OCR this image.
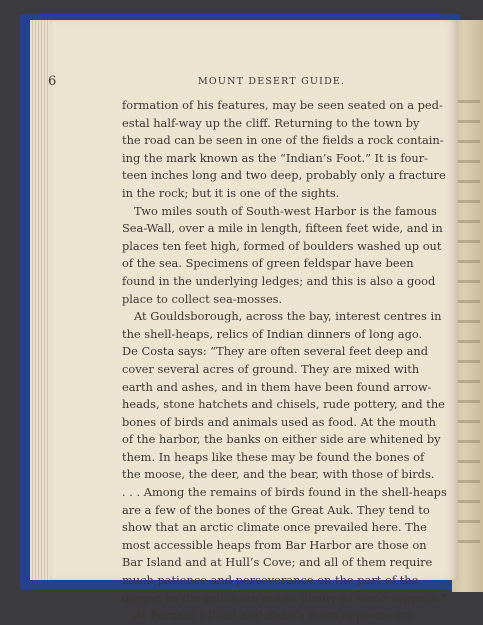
6	MOUNT DESERT GUIDE.

formation of his features, may be seen seated on a ped-
estal half-way up the cliff. Returning to the town by
the road can be seen in one of the fields a rock contain-
ing the mark known as the “Indian’s Foot.” It is four-
teen inches long and two deep, probably only a fracture
in the rock; but it is one of the sights.

Two miles south of South-west Harbor is the famous
Sea-Wall, over a mile in length, fifteen feet wide, and in
places ten feet high, formed of boulders washed up out
of the sea. Specimens of green feldspar have been
found in the underlying ledges; and this is also a good
place to collect sea-mosses.

At Gouldsborough, across the bay, interest centres in
the shell-heaps, relics of Indian dinners of long ago.
De Costa says: “They are often several feet deep and
cover several acres of ground. They are mixed with
earth and ashes, and in them have been found arrow-
heads, stone hatchets and chisels, rude pottery, and the
bones of birds and animals used as food. At the mouth
of the harbor, the banks on either side are whitened by
them. In heaps like these may be found the bones of
the moose, the deer, and the bear, with those of birds.
. . . Among the remains of birds found in the shell-heaps
are a few of the bones of the Great Auk. They tend to
show that an arctic climate once prevailed here. The
most accessible heaps from Bar Harbor are those on
Bar Island and at Hull’s Cove; and all of them require
much patience and perseverance on the part of the
digger, as the relics are not so plenty as some suppose.”

At Fernald’s Point and Sand’s Point opposite are
